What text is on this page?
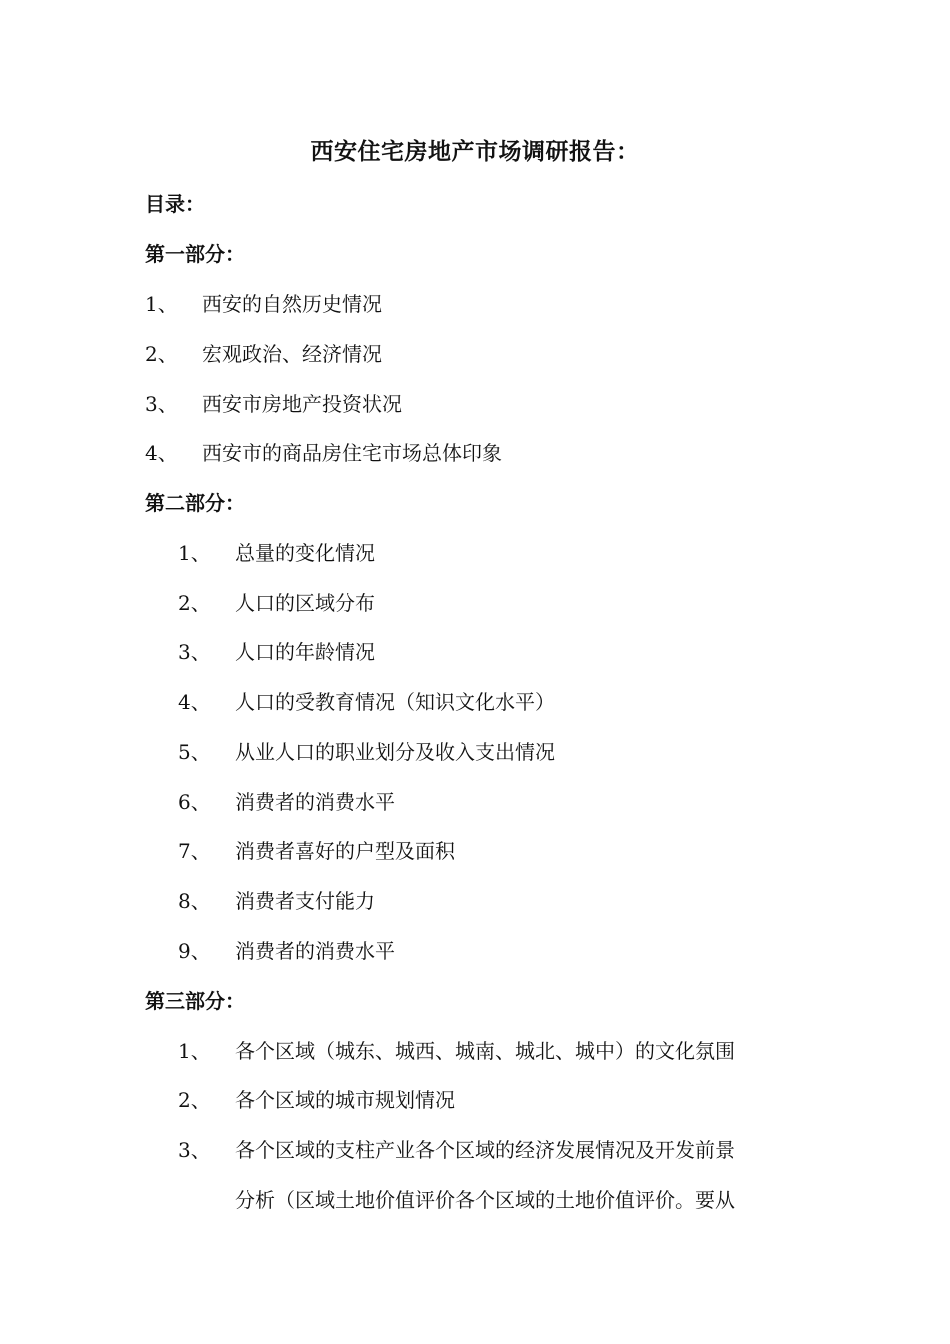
西安住宅房地产市场调研报告：
目录：
第一部分：
1、 西安的自然历史情况
2、 宏观政治、经济情况
3、 西安市房地产投资状况
4、 西安市的商品房住宅市场总体印象
第二部分：
1、 总量的变化情况
2、 人口的区域分布
3、 人口的年龄情况
4、 人口的受教育情况（知识文化水平）
5、 从业人口的职业划分及收入支出情况
6、 消费者的消费水平
7、 消费者喜好的户型及面积
8、 消费者支付能力
9、 消费者的消费水平
第三部分：
1、 各个区域（城东、城西、城南、城北、城中）的文化氛围
2、 各个区域的城市规划情况
3、 各个区域的支柱产业各个区域的经济发展情况及开发前景
分析（区域土地价值评价各个区域的土地价值评价。要从
